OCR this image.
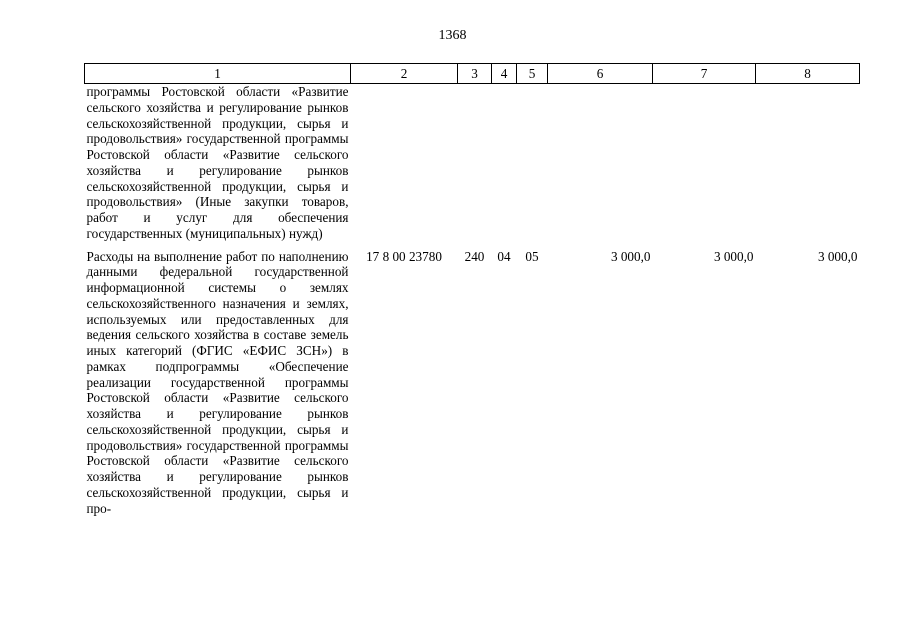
1368
1	2	3	4	5	6	7	8
программы Ростовской области «Развитие сельского хозяйства и регулирование рынков сельскохозяйственной продукции, сырья и продовольствия» государственной программы Ростовской области «Развитие сельского хозяйства и регулирование рынков сельскохозяйственной продукции, сырья и продовольствия» (Иные закупки товаров, работ и услуг для обеспечения государственных (муниципальных) нужд)							
Расходы на выполнение работ по наполнению данными федеральной государственной информационной системы о землях сельскохозяйственного назначения и землях, используемых или предоставленных для ведения сельского хозяйства в составе земель иных категорий (ФГИС «ЕФИС ЗСН») в рамках подпрограммы «Обеспечение реализации государственной программы Ростовской области «Развитие сельского хозяйства и регулирование рынков сельскохозяйственной продукции, сырья и продовольствия» государственной программы Ростовской области «Развитие сельского хозяйства и регулирование рынков сельскохозяйственной продукции, сырья и про-	17 8 00 23780	240	04	05	3 000,0	3 000,0	3 000,0
